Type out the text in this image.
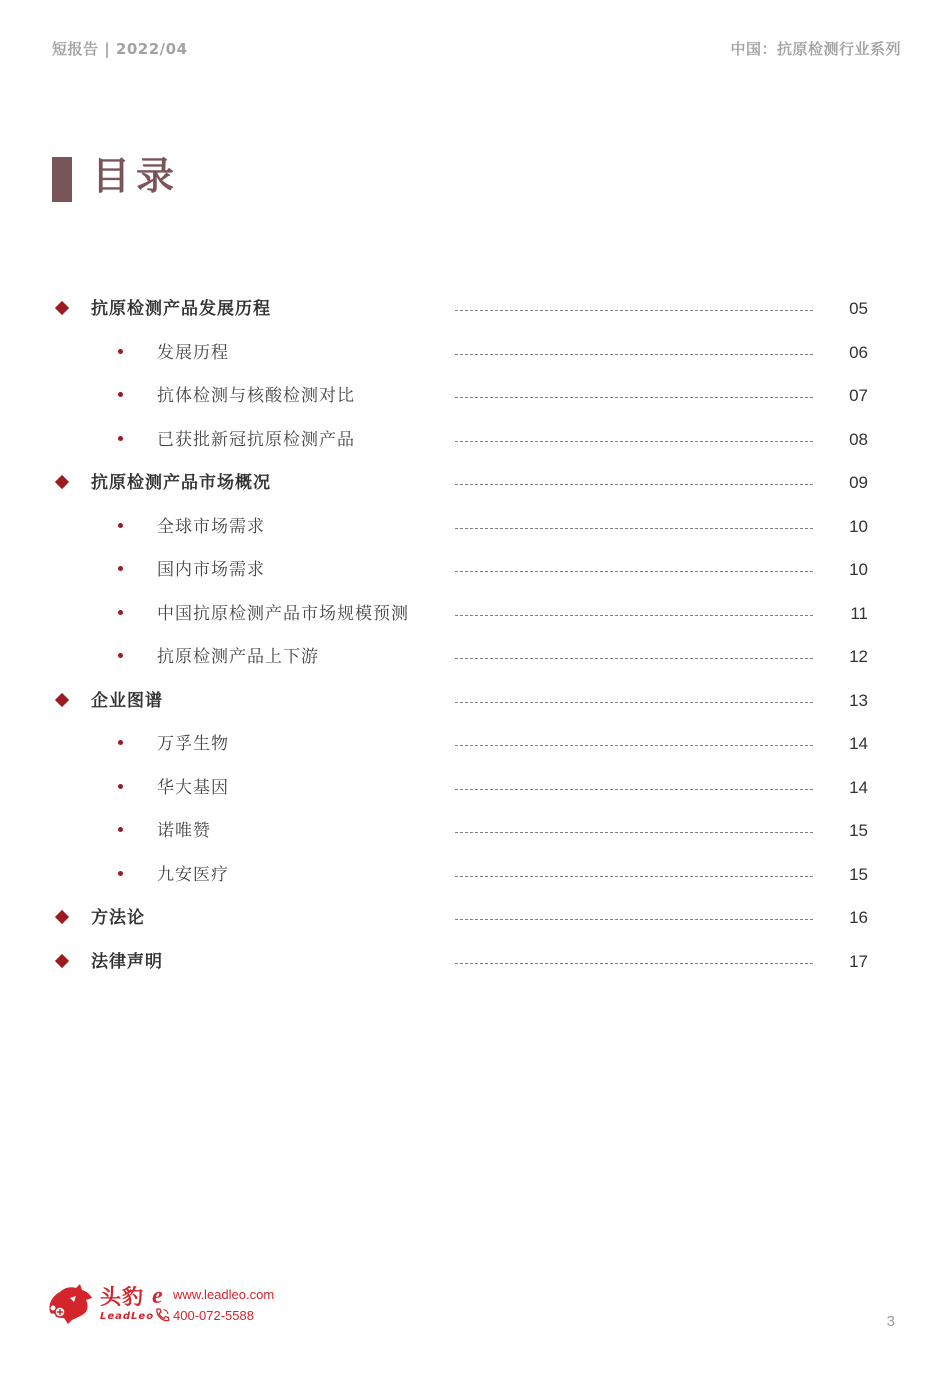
短报告 | 2022/04	中国：抗原检测行业系列
目录
抗原检测产品发展历程	05
发展历程	06
抗体检测与核酸检测对比	07
已获批新冠抗原检测产品	08
抗原检测产品市场概况	09
全球市场需求	10
国内市场需求	10
中国抗原检测产品市场规模预测	11
抗原检测产品上下游	12
企业图谱	13
万孚生物	14
华大基因	14
诺唯赞	15
九安医疗	15
方法论	16
法律声明	17
头豹 e
LeadLeo
www.leadleo.com
400-072-5588	3
